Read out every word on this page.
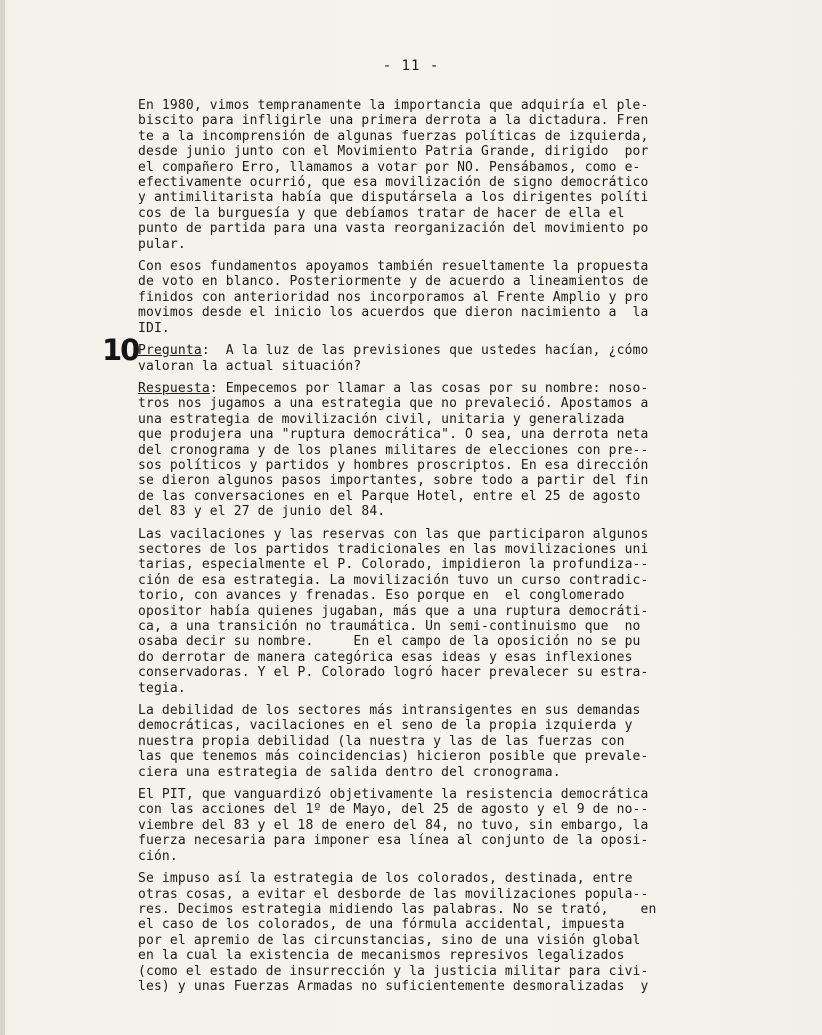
- 11 -
10
En 1980, vimos tempranamente la importancia que adquiría el ple-
biscito para infligirle una primera derrota a la dictadura. Fren
te a la incomprensión de algunas fuerzas políticas de izquierda,
desde junio junto con el Movimiento Patria Grande, dirigido  por
el compañero Erro, llamamos a votar por NO. Pensábamos, como e-
efectivamente ocurrió, que esa movilización de signo democrático
y antimilitarista había que disputársela a los dirigentes políti
cos de la burguesía y que debíamos tratar de hacer de ella el
punto de partida para una vasta reorganización del movimiento po
pular.
Con esos fundamentos apoyamos también resueltamente la propuesta
de voto en blanco. Posteriormente y de acuerdo a lineamientos de
finidos con anterioridad nos incorporamos al Frente Amplio y pro
movimos desde el inicio los acuerdos que dieron nacimiento a  la
IDI.
Pregunta:  A la luz de las previsiones que ustedes hacían, ¿cómo
valoran la actual situación?
Respuesta: Empecemos por llamar a las cosas por su nombre: noso-
tros nos jugamos a una estrategia que no prevaleció. Apostamos a
una estrategia de movilización civil, unitaria y generalizada
que produjera una "ruptura democrática". O sea, una derrota neta
del cronograma y de los planes militares de elecciones con pre--
sos políticos y partidos y hombres proscriptos. En esa dirección
se dieron algunos pasos importantes, sobre todo a partir del fin
de las conversaciones en el Parque Hotel, entre el 25 de agosto
del 83 y el 27 de junio del 84.
Las vacilaciones y las reservas con las que participaron algunos
sectores de los partidos tradicionales en las movilizaciones uni
tarias, especialmente el P. Colorado, impidieron la profundiza--
ción de esa estrategia. La movilización tuvo un curso contradic-
torio, con avances y frenadas. Eso porque en  el conglomerado
opositor había quienes jugaban, más que a una ruptura democráti-
ca, a una transición no traumática. Un semi-continuismo que  no
osaba decir su nombre.     En el campo de la oposición no se pu
do derrotar de manera categórica esas ideas y esas inflexiones
conservadoras. Y el P. Colorado logró hacer prevalecer su estra-
tegia.
La debilidad de los sectores más intransigentes en sus demandas
democráticas, vacilaciones en el seno de la propia izquierda y
nuestra propia debilidad (la nuestra y las de las fuerzas con
las que tenemos más coincidencias) hicieron posible que prevale-
ciera una estrategia de salida dentro del cronograma.
El PIT, que vanguardizó objetivamente la resistencia democrática
con las acciones del 1º de Mayo, del 25 de agosto y el 9 de no--
viembre del 83 y el 18 de enero del 84, no tuvo, sin embargo, la
fuerza necesaria para imponer esa línea al conjunto de la oposi-
ción.
Se impuso así la estrategia de los colorados, destinada, entre
otras cosas, a evitar el desborde de las movilizaciones popula--
res. Decimos estrategia midiendo las palabras. No se trató,    en
el caso de los colorados, de una fórmula accidental, impuesta
por el apremio de las circunstancias, sino de una visión global
en la cual la existencia de mecanismos represivos legalizados
(como el estado de insurrección y la justicia militar para civi-
les) y unas Fuerzas Armadas no suficientemente desmoralizadas  y
